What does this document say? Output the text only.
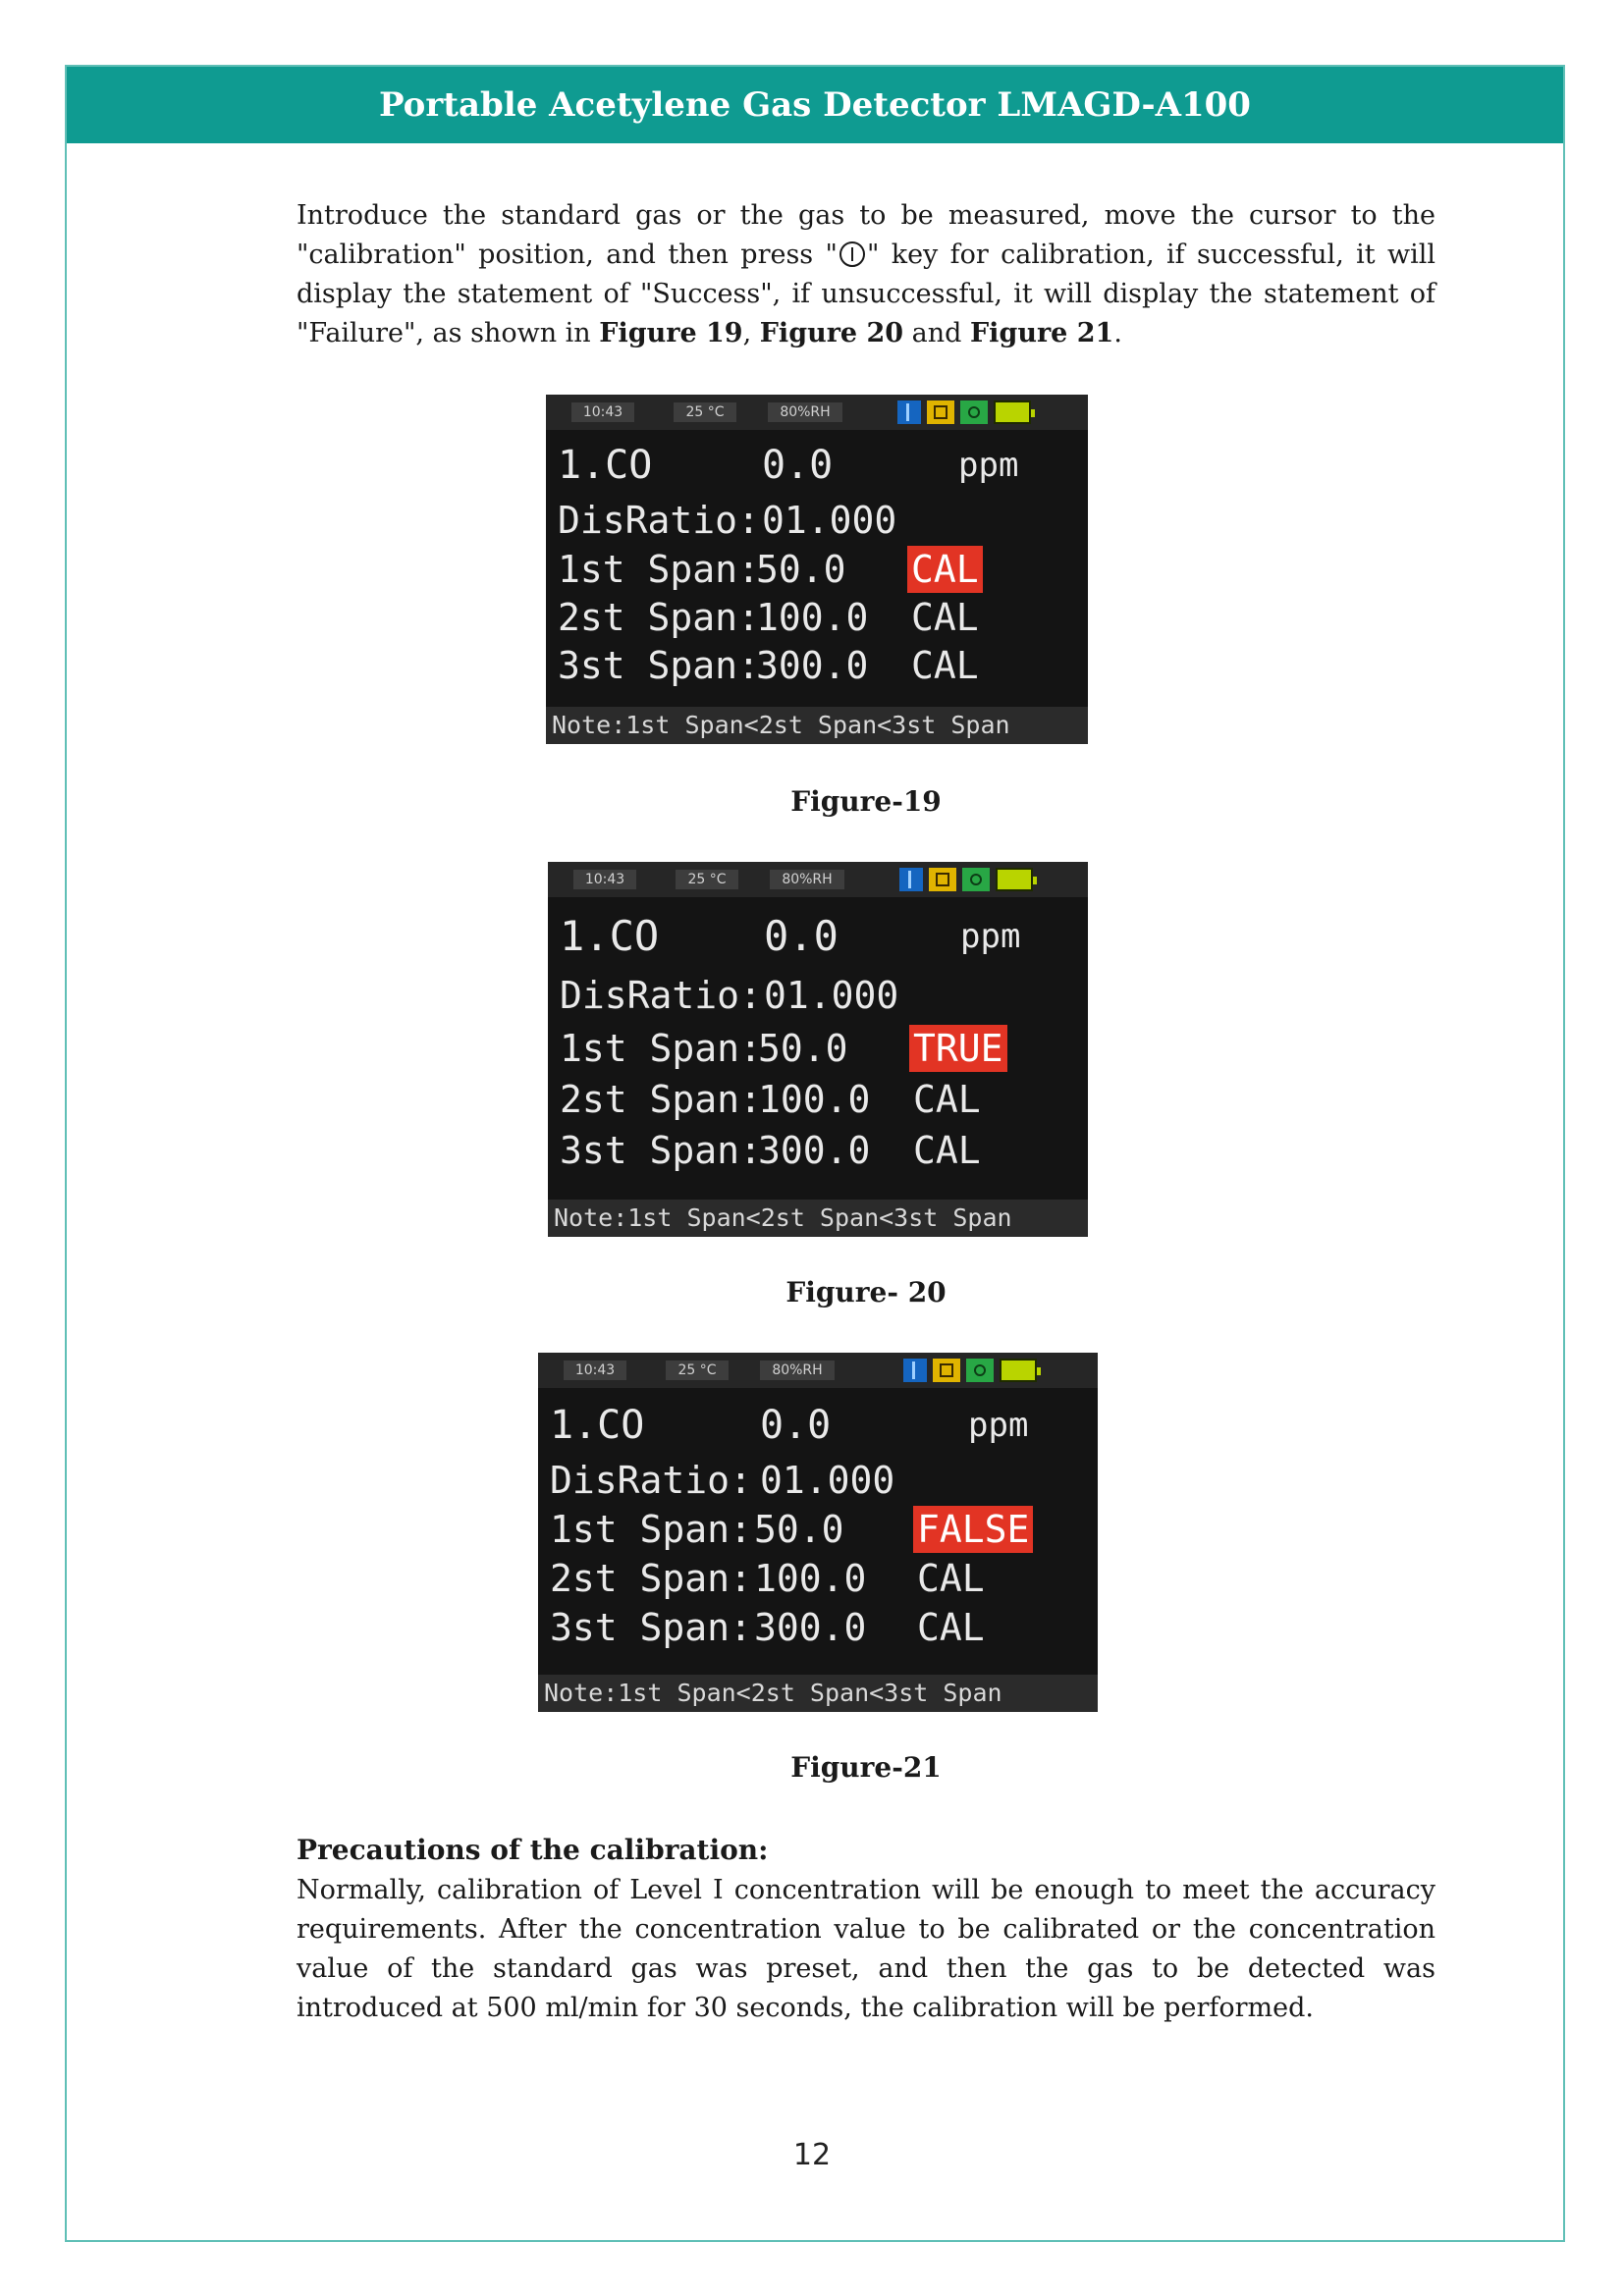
Portable Acetylene Gas Detector LMAGD-A100

Introduce the standard gas or the gas to be measured, move the cursor to the "calibration" position, and then press " " key for calibration, if successful, it will display the statement of "Success", if unsuccessful, it will display the statement of "Failure", as shown in Figure 19, Figure 20 and Figure 21.

10:43	25 °C	80%RH
1.CO	0.0	ppm
DisRatio: 01.000
1st Span:
50.0 CAL
2st Span:
100.0 CAL
3st Span:
300.0 CAL
Note:1st Span<2st Span<3st Span
Figure-19
10:43	25 °C	80%RH
1.CO	0.0	ppm
DisRatio: 01.000
1st Span:
50.0 TRUE
2st Span:
100.0 CAL
3st Span:
300.0 CAL
Note:1st Span<2st Span<3st Span
Figure- 20
10:43	25 °C	80%RH
1.CO	0.0	ppm
DisRatio: 01.000
1st Span: 50.0 FALSE
2st Span: 100.0 CAL
3st Span: 300.0 CAL
Note:1st Span<2st Span<3st Span
Figure-21
Precautions of the calibration:

Normally, calibration of Level I concentration will be enough to meet the accuracy requirements. After the concentration value to be calibrated or the concentration value of the standard gas was preset, and then the gas to be detected was introduced at 500 ml/min for 30 seconds, the calibration will be performed.

12
